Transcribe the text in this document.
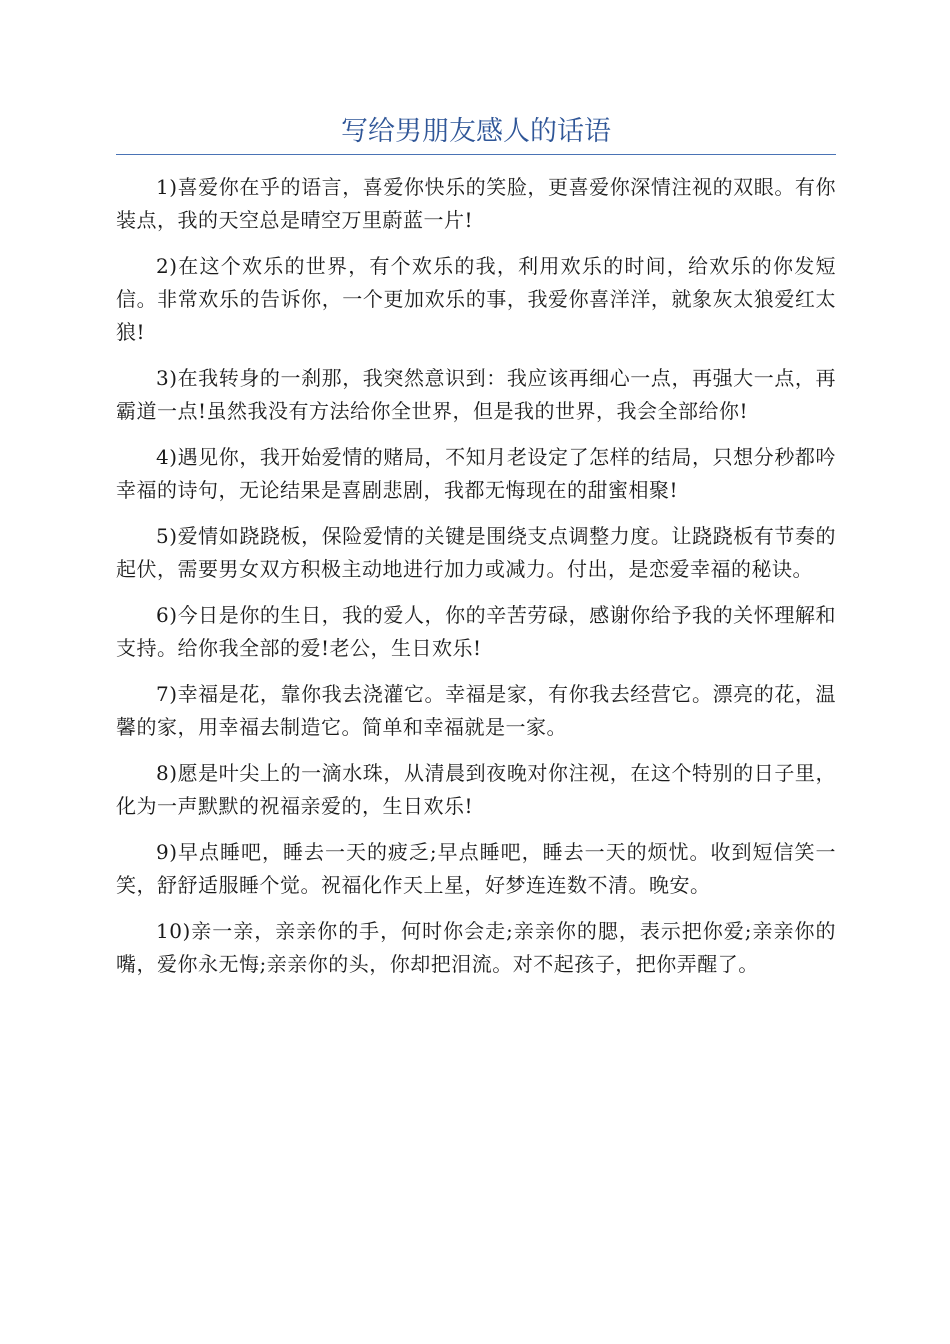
写给男朋友感人的话语

1)喜爱你在乎的语言，喜爱你快乐的笑脸，更喜爱你深情注视的双眼。有你装点，我的天空总是晴空万里蔚蓝一片!

2)在这个欢乐的世界，有个欢乐的我，利用欢乐的时间，给欢乐的你发短信。非常欢乐的告诉你，一个更加欢乐的事，我爱你喜洋洋，就象灰太狼爱红太狼!

3)在我转身的一刹那，我突然意识到：我应该再细心一点，再强大一点，再霸道一点!虽然我没有方法给你全世界，但是我的世界，我会全部给你!

4)遇见你，我开始爱情的赌局，不知月老设定了怎样的结局，只想分秒都吟幸福的诗句，无论结果是喜剧悲剧，我都无悔现在的甜蜜相聚!

5)爱情如跷跷板，保险爱情的关键是围绕支点调整力度。让跷跷板有节奏的起伏，需要男女双方积极主动地进行加力或减力。付出，是恋爱幸福的秘诀。

6)今日是你的生日，我的爱人，你的辛苦劳碌，感谢你给予我的关怀理解和支持。给你我全部的爱!老公，生日欢乐!

7)幸福是花，靠你我去浇灌它。幸福是家，有你我去经营它。漂亮的花，温馨的家，用幸福去制造它。简单和幸福就是一家。

8)愿是叶尖上的一滴水珠，从清晨到夜晚对你注视，在这个特别的日子里，化为一声默默的祝福亲爱的，生日欢乐!

9)早点睡吧，睡去一天的疲乏;早点睡吧，睡去一天的烦忧。收到短信笑一笑，舒舒适服睡个觉。祝福化作天上星，好梦连连数不清。晚安。

10)亲一亲，亲亲你的手，何时你会走;亲亲你的腮，表示把你爱;亲亲你的嘴，爱你永无悔;亲亲你的头，你却把泪流。对不起孩子，把你弄醒了。
